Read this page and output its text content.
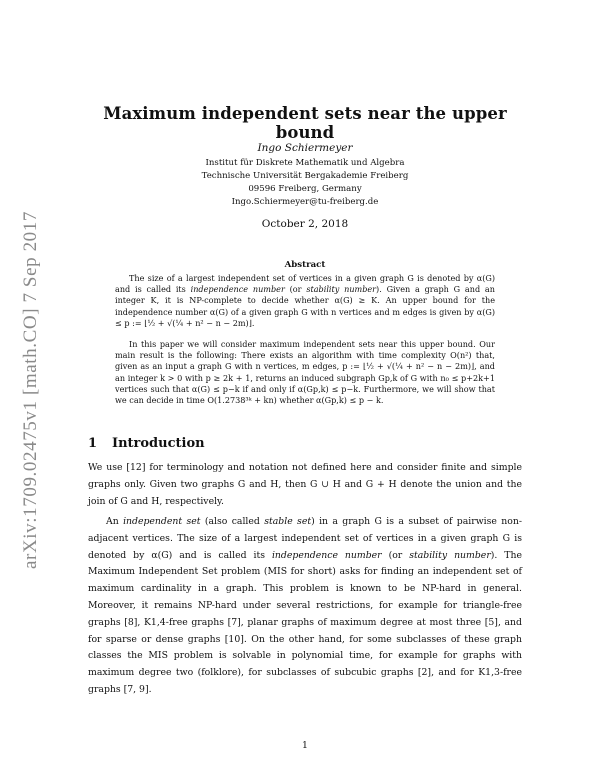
arXiv:1709.02475v1 [math.CO] 7 Sep 2017
Maximum independent sets near the upper bound
Ingo Schiermeyer
Institut für Diskrete Mathematik und Algebra
Technische Universität Bergakademie Freiberg
09596 Freiberg, Germany
Ingo.Schiermeyer@tu-freiberg.de
October 2, 2018
Abstract

The size of a largest independent set of vertices in a given graph G is denoted by α(G) and is called its independence number (or stability number). Given a graph G and an integer K, it is NP-complete to decide whether α(G) ≥ K. An upper bound for the independence number α(G) of a given graph G with n vertices and m edges is given by α(G) ≤ p := ⌊½ + √(¼ + n² − n − 2m)⌋.

In this paper we will consider maximum independent sets near this upper bound. Our main result is the following: There exists an algorithm with time complexity O(n²) that, given as an input a graph G with n vertices, m edges, p := ⌊½ + √(¼ + n² − n − 2m)⌋, and an integer k > 0 with p ≥ 2k + 1, returns an induced subgraph Gp,k of G with n₀ ≤ p+2k+1 vertices such that α(G) ≤ p−k if and only if α(Gp,k) ≤ p−k. Furthermore, we will show that we can decide in time O(1.2738³ᵏ + kn) whether α(Gp,k) ≤ p − k.

1 Introduction

We use [12] for terminology and notation not defined here and consider finite and simple graphs only. Given two graphs G and H, then G ∪ H and G + H denote the union and the join of G and H, respectively.

An independent set (also called stable set) in a graph G is a subset of pairwise non-adjacent vertices. The size of a largest independent set of vertices in a given graph G is denoted by α(G) and is called its independence number (or stability number). The Maximum Independent Set problem (MIS for short) asks for finding an independent set of maximum cardinality in a graph. This problem is known to be NP-hard in general. Moreover, it remains NP-hard under several restrictions, for example for triangle-free graphs [8], K1,4-free graphs [7], planar graphs of maximum degree at most three [5], and for sparse or dense graphs [10]. On the other hand, for some subclasses of these graph classes the MIS problem is solvable in polynomial time, for example for graphs with maximum degree two (folklore), for subclasses of subcubic graphs [2], and for K1,3-free graphs [7, 9].

1
